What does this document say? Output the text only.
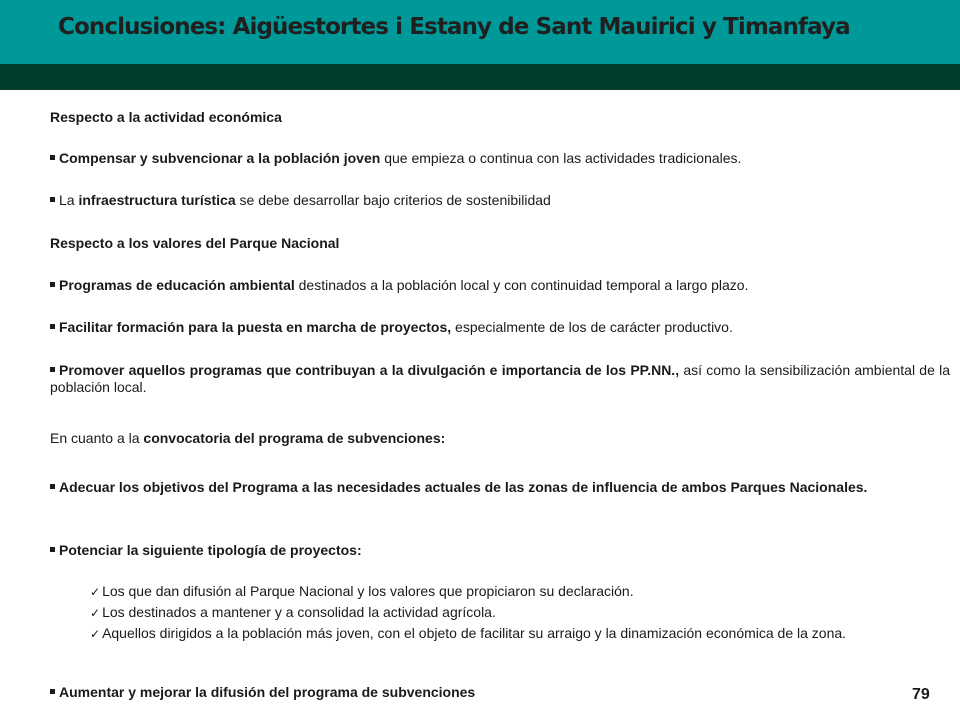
Conclusiones: Aigüestortes i Estany de Sant Mauirici y Timanfaya
Respecto a la actividad económica
Compensar y subvencionar a la población joven que empieza o continua con las actividades tradicionales.
La infraestructura turística se debe desarrollar bajo criterios de sostenibilidad
Respecto a los valores del Parque Nacional
Programas de educación ambiental destinados a la población local y con continuidad temporal a largo plazo.
Facilitar formación para la puesta en marcha de proyectos, especialmente de los de carácter productivo.
Promover aquellos programas que contribuyan a la divulgación e importancia de los PP.NN., así como la sensibilización ambiental de la población local.
En cuanto a la convocatoria del programa de subvenciones:
Adecuar los objetivos del Programa a las necesidades actuales de las zonas de influencia de ambos Parques Nacionales.
Potenciar la siguiente tipología de proyectos:
✓ Los que dan difusión al Parque Nacional y los valores que propiciaron su declaración.
✓ Los destinados a mantener y a consolidad la actividad agrícola.
✓ Aquellos dirigidos a la población más joven, con el objeto de facilitar su arraigo y la dinamización económica de la zona.
Aumentar y mejorar la difusión del programa de subvenciones	79
